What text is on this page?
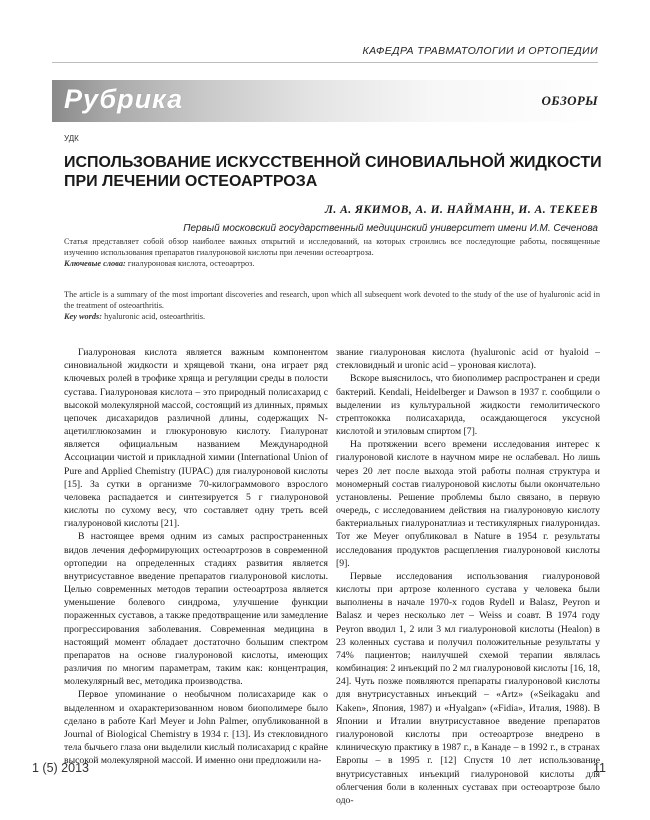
КАФЕДРА ТРАВМАТОЛОГИИ И ОРТОПЕДИИ
Рубрика	ОБЗОРЫ
УДК
ИСПОЛЬЗОВАНИЕ ИСКУССТВЕННОЙ СИНОВИАЛЬНОЙ ЖИДКОСТИ ПРИ ЛЕЧЕНИИ ОСТЕОАРТРОЗА
Л. А. ЯКИМОВ, А. И. НАЙМАНН, И. А. ТЕКЕЕВ
Первый московский государственный медицинский университет имени И.М. Сеченова

Статья представляет собой обзор наиболее важных открытий и исследований, на которых строились все последующие работы, посвященные изучению использования препаратов гиалуроновой кислоты при лечении остеоартроза.

Ключевые слова: гиалуроновая кислота, остеоартроз.

The article is a summary of the most important discoveries and research, upon which all subsequent work devoted to the study of the use of hyaluronic acid in the treatment of osteoarthritis.

Key words: hyaluronic acid, osteoarthritis.

Гиалуроновая кислота является важным компонентом синовиальной жидкости и хрящевой ткани, она играет ряд ключевых ролей в трофике хряща и регуляции среды в полости сустава. Гиалуроновая кислота – это природный полисахарид с высокой молекулярной массой, состоящий из длинных, прямых цепочек дисахаридов различной длины, содержащих N-ацетилглюкозамин и глюкуроновую кислоту. Гиалуронат является официальным названием Международной Ассоциации чистой и прикладной химии (International Union of Pure and Applied Chemistry (IUPAC) для гиалуроновой кислоты [15]. За сутки в организме 70-килограммового взрослого человека распадается и синтезируется 5 г гиалуроновой кислоты по сухому весу, что составляет одну треть всей гиалуроновой кислоты [21].

В настоящее время одним из самых распространенных видов лечения деформирующих остеоартрозов в современной ортопедии на определенных стадиях развития является внутрисуставное введение препаратов гиалуроновой кислоты. Целью современных методов терапии остеоартроза является уменьшение болевого синдрома, улучшение функции пораженных суставов, а также предотвращение или замедление прогрессирования заболевания. Современная медицина в настоящий момент обладает достаточно большим спектром препаратов на основе гиалуроновой кислоты, имеющих различия по многим параметрам, таким как: концентрация, молекулярный вес, методика производства.

Первое упоминание о необычном полисахариде как о выделенном и охарактеризованном новом биополимере было сделано в работе Karl Meyer и John Palmer, опубликованной в Journal of Biological Chemistry в 1934 г. [13]. Из стекловидного тела бычьего глаза они выделили кислый полисахарид с крайне высокой молекулярной массой. И именно они предложили на-

звание гиалуроновая кислота (hyaluronic acid от hyaloid – стекловидный и uronic acid – уроновая кислота).

Вскоре выяснилось, что биополимер распространен и среди бактерий. Kendali, Heidelberger и Dawson в 1937 г. сообщили о выделении из культуральной жидкости гемолитического стрептококка полисахарида, осаждающегося уксусной кислотой и этиловым спиртом [7].

На протяжении всего времени исследования интерес к гиалуроновой кислоте в научном мире не ослабевал. Но лишь через 20 лет после выхода этой работы полная структура и мономерный состав гиалуроновой кислоты были окончательно установлены. Решение проблемы было связано, в первую очередь, с исследованием действия на гиалуроновую кислоту бактериальных гиалуронатлиаз и тестикулярных гиалуронидаз. Тот же Meyer опубликовал в Nature в 1954 г. результаты исследования продуктов расщепления гиалуроновой кислоты [9].

Первые исследования использования гиалуроновой кислоты при артрозе коленного сустава у человека были выполнены в начале 1970-х годов Rydell и Balasz, Peyron и Balasz и через несколько лет – Weiss и соавт. В 1974 году Peyron вводил 1, 2 или 3 мл гиалуроновой кислоты (Healon) в 23 коленных сустава и получил положительные результаты у 74% пациентов; наилучшей схемой терапии являлась комбинация: 2 инъекций по 2 мл гиалуроновой кислоты [16, 18, 24]. Чуть позже появляются препараты гиалуроновой кислоты для внутрисуставных инъекций – «Artz» («Seikagaku and Kaken», Япония, 1987) и «Hyalgan» («Fidia», Италия, 1988). В Японии и Италии внутрисуставное введение препаратов гиалуроновой кислоты при остеоартрозе внедрено в клиническую практику в 1987 г., в Канаде – в 1992 г., в странах Европы – в 1995 г. [12] Спустя 10 лет использование внутрисуставных инъекций гиалуроновой кислоты для облегчения боли в коленных суставах при остеоартрозе было одо-

1 (5) 2013	11
